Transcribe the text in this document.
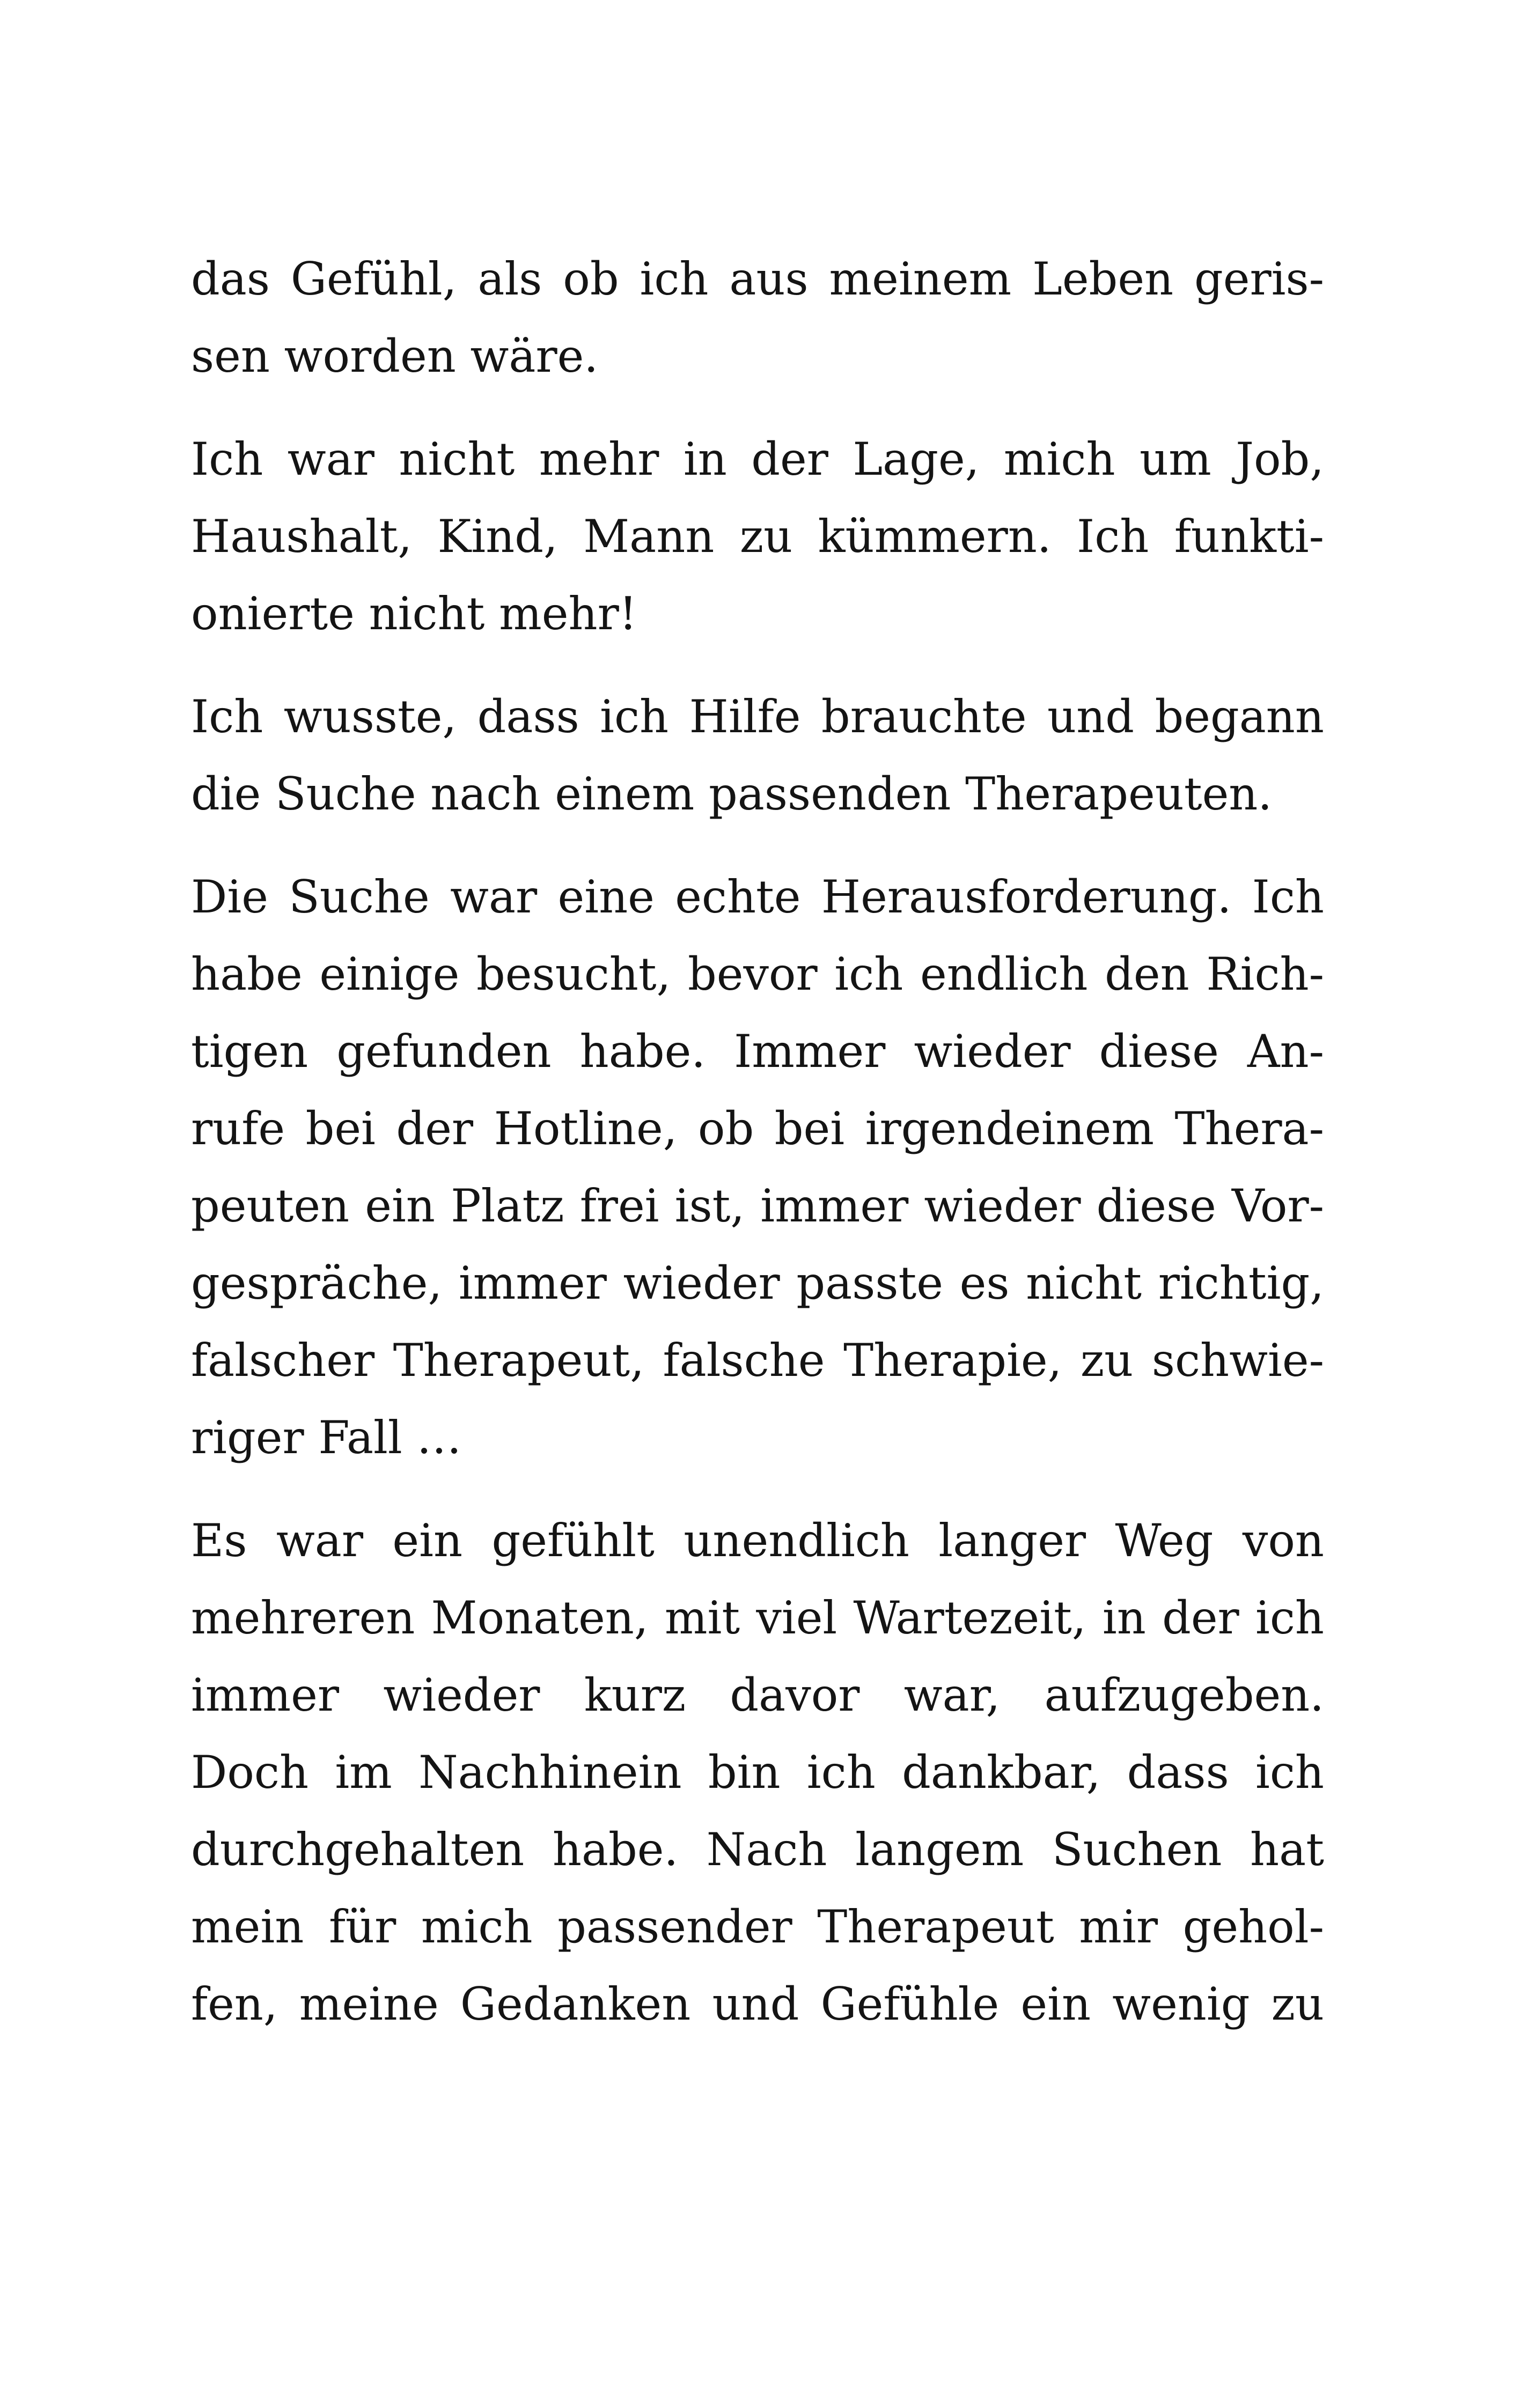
das Gefühl, als ob ich aus meinem Leben geris-
sen worden wäre.

Ich war nicht mehr in der Lage, mich um Job,
Haushalt, Kind, Mann zu kümmern. Ich funkti-
onierte nicht mehr!

Ich wusste, dass ich Hilfe brauchte und begann
die Suche nach einem passenden Therapeuten.

Die Suche war eine echte Herausforderung. Ich
habe einige besucht, bevor ich endlich den Rich-
tigen gefunden habe. Immer wieder diese An-
rufe bei der Hotline, ob bei irgendeinem Thera-
peuten ein Platz frei ist, immer wieder diese Vor-
gespräche, immer wieder passte es nicht richtig,
falscher Therapeut, falsche Therapie, zu schwie-
riger Fall …

Es war ein gefühlt unendlich langer Weg von
mehreren Monaten, mit viel Wartezeit, in der ich
immer wieder kurz davor war, aufzugeben.
Doch im Nachhinein bin ich dankbar, dass ich
durchgehalten habe. Nach langem Suchen hat
mein für mich passender Therapeut mir gehol-
fen, meine Gedanken und Gefühle ein wenig zu
